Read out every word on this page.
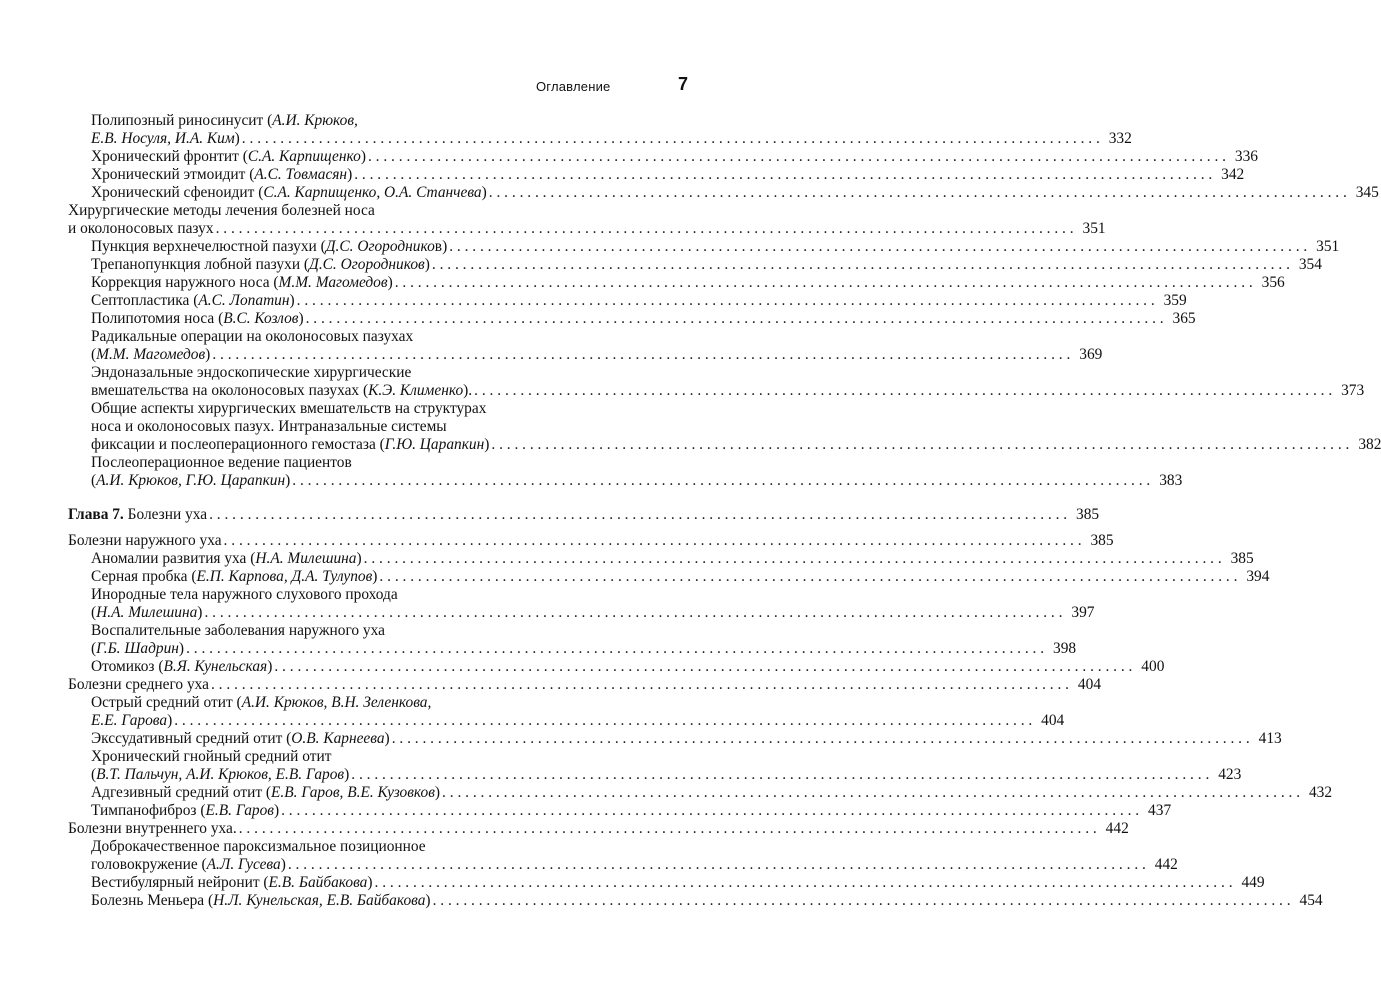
Оглавление	7
Полипозный риносинусит (А.И. Крюков,
Е.В. Носуля, И.А. Ким) . . .	332
Хронический фронтит (С.А. Карпищенко) . . .	336
Хронический этмоидит (А.С. Товмасян) . . .	342
Хронический сфеноидит (С.А. Карпищенко, О.А. Станчева) . . .	345
Хирургические методы лечения болезней носа
и околоносовых пазух . . .	351
Пункция верхнечелюстной пазухи (Д.С. Огородников) . . .	351
Трепанопункция лобной пазухи (Д.С. Огородников) . . .	354
Коррекция наружного носа (М.М. Магомедов) . . .	356
Септопластика (А.С. Лопатин) . . .	359
Полипотомия носа (В.С. Козлов) . . .	365
Радикальные операции на околоносовых пазухах
(М.М. Магомедов) . . .	369
Эндоназальные эндоскопические хирургические
вмешательства на околоносовых пазухах (К.Э. Клименко). . . .	373
Общие аспекты хирургических вмешательств на структурах
носа и околоносовых пазух. Интраназальные системы
фиксации и послеоперационного гемостаза (Г.Ю. Царапкин) . . .	382
Послеоперационное ведение пациентов
(А.И. Крюков, Г.Ю. Царапкин) . . .	383
Глава 7. Болезни уха . . .	385
Болезни наружного уха . . .	385
Аномалии развития уха (Н.А. Милешина) . . .	385
Серная пробка (Е.П. Карпова, Д.А. Тулупов) . . .	394
Инородные тела наружного слухового прохода
(Н.А. Милешина) . . .	397
Воспалительные заболевания наружного уха
(Г.Б. Шадрин) . . .	398
Отомикоз (В.Я. Кунельская) . . .	400
Болезни среднего уха . . .	404
Острый средний отит (А.И. Крюков, В.Н. Зеленкова,
Е.Е. Гарова) . . .	404
Экссудативный средний отит (О.В. Карнеева) . . .	413
Хронический гнойный средний отит
(В.Т. Пальчун, А.И. Крюков, Е.В. Гаров) . . .	423
Адгезивный средний отит (Е.В. Гаров, В.Е. Кузовков) . . .	432
Тимпанофиброз (Е.В. Гаров) . . .	437
Болезни внутреннего уха. . . .	442
Доброкачественное пароксизмальное позиционное
головокружение (А.Л. Гусева) . . .	442
Вестибулярный нейронит (Е.В. Байбакова) . . .	449
Болезнь Меньера (Н.Л. Кунельская, Е.В. Байбакова) . . .	454
